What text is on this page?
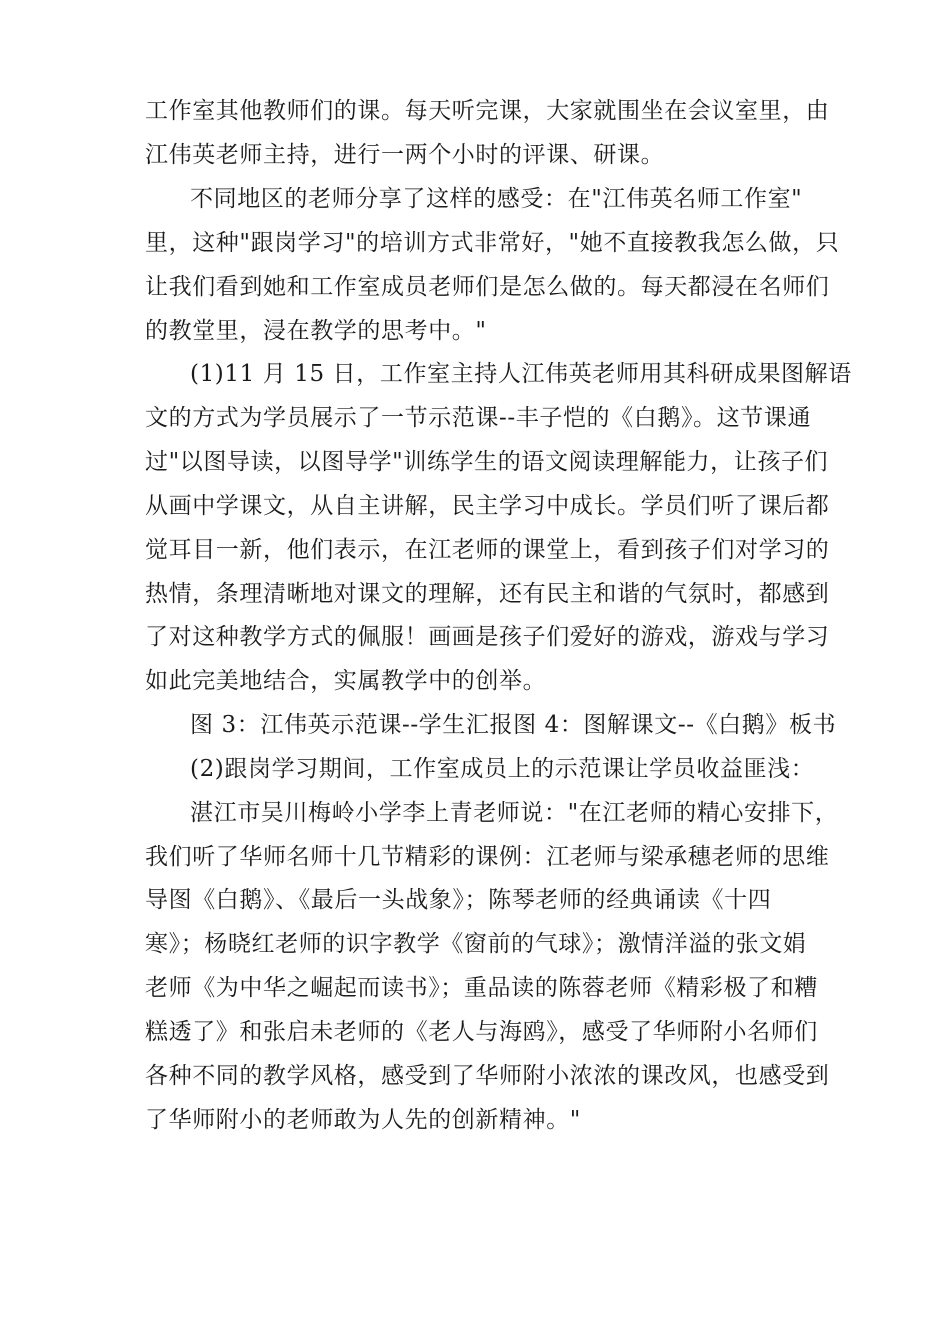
工作室其他教师们的课。每天听完课，大家就围坐在会议室里，由
江伟英老师主持，进行一两个小时的评课、研课。
不同地区的老师分享了这样的感受：在"江伟英名师工作室"
里，这种"跟岗学习"的培训方式非常好，"她不直接教我怎么做，只
让我们看到她和工作室成员老师们是怎么做的。每天都浸在名师们
的教堂里，浸在教学的思考中。"
(1)11 月 15 日，工作室主持人江伟英老师用其科研成果图解语
文的方式为学员展示了一节示范课--丰子恺的《白鹅》。这节课通
过"以图导读，以图导学"训练学生的语文阅读理解能力，让孩子们
从画中学课文，从自主讲解，民主学习中成长。学员们听了课后都
觉耳目一新，他们表示，在江老师的课堂上，看到孩子们对学习的
热情，条理清晰地对课文的理解，还有民主和谐的气氛时，都感到
了对这种教学方式的佩服！画画是孩子们爱好的游戏，游戏与学习
如此完美地结合，实属教学中的创举。
图 3：江伟英示范课--学生汇报图 4：图解课文--《白鹅》板书
(2)跟岗学习期间，工作室成员上的示范课让学员收益匪浅：
湛江市吴川梅岭小学李上青老师说："在江老师的精心安排下，
我们听了华师名师十几节精彩的课例：江老师与梁承穗老师的思维
导图《白鹅》、《最后一头战象》；陈琴老师的经典诵读《十四
寒》；杨晓红老师的识字教学《窗前的气球》；激情洋溢的张文娟
老师《为中华之崛起而读书》；重品读的陈蓉老师《精彩极了和糟
糕透了》和张启未老师的《老人与海鸥》，感受了华师附小名师们
各种不同的教学风格，感受到了华师附小浓浓的课改风，也感受到
了华师附小的老师敢为人先的创新精神。"
